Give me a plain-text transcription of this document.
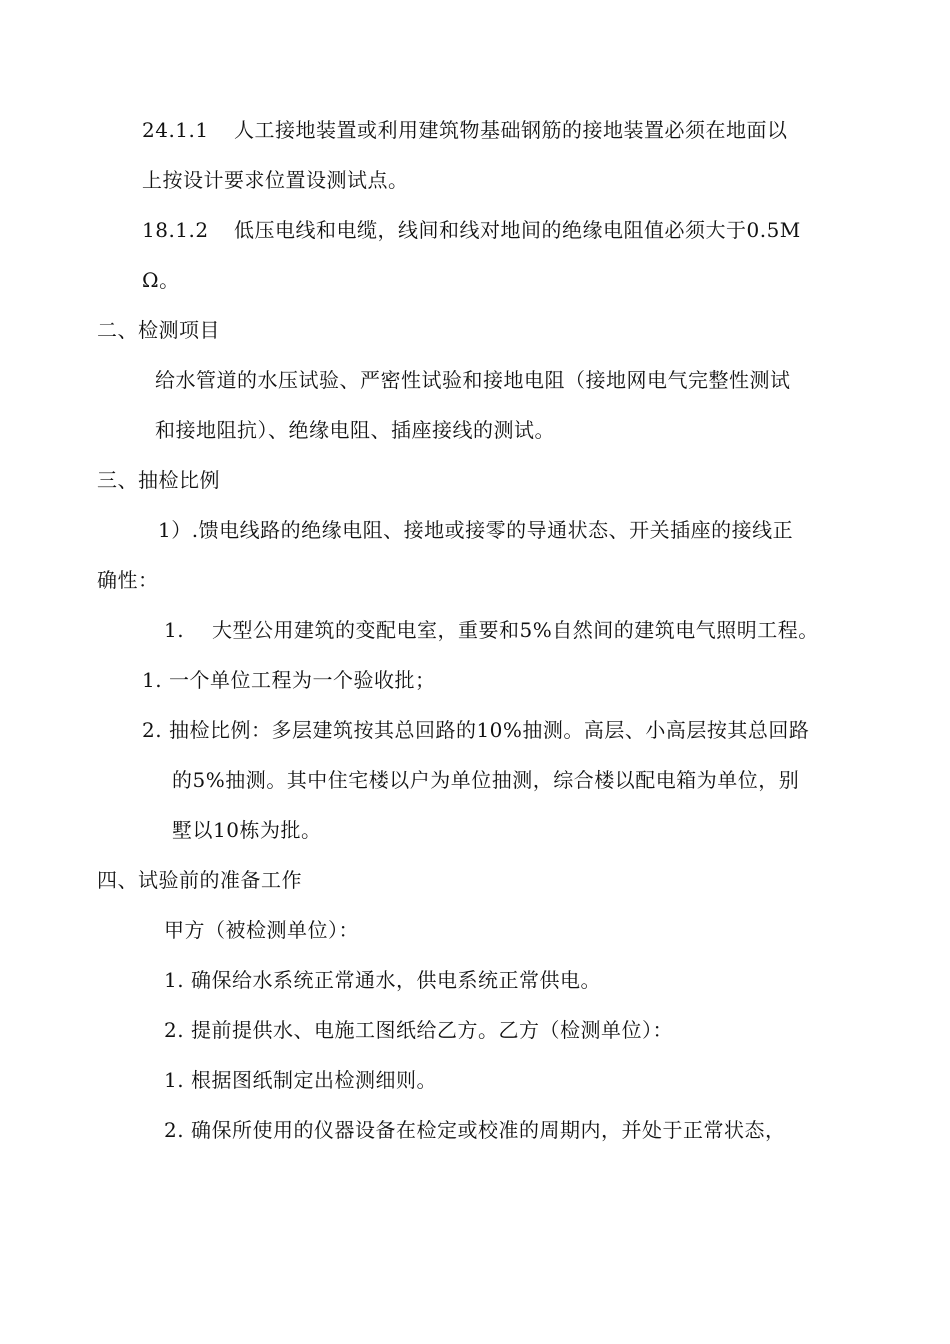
24.1.1 人工接地装置或利用建筑物基础钢筋的接地装置必须在地面以
上按设计要求位置设测试点。
18.1.2 低压电线和电缆，线间和线对地间的绝缘电阻值必须大于0.5M
Ω。
二、检测项目
给水管道的水压试验、严密性试验和接地电阻（接地网电气完整性测试
和接地阻抗）、绝缘电阻、插座接线的测试。
三、抽检比例
1）.馈电线路的绝缘电阻、接地或接零的导通状态、开关插座的接线正
确性：
1. 大型公用建筑的变配电室，重要和5%自然间的建筑电气照明工程。
1. 一个单位工程为一个验收批；
2. 抽检比例：多层建筑按其总回路的10%抽测。高层、小高层按其总回路
的5%抽测。其中住宅楼以户为单位抽测，综合楼以配电箱为单位，别
墅以10栋为批。
四、试验前的准备工作
甲方（被检测单位）：
1. 确保给水系统正常通水，供电系统正常供电。
2. 提前提供水、电施工图纸给乙方。乙方（检测单位）：
1. 根据图纸制定出检测细则。
2. 确保所使用的仪器设备在检定或校准的周期内，并处于正常状态，
